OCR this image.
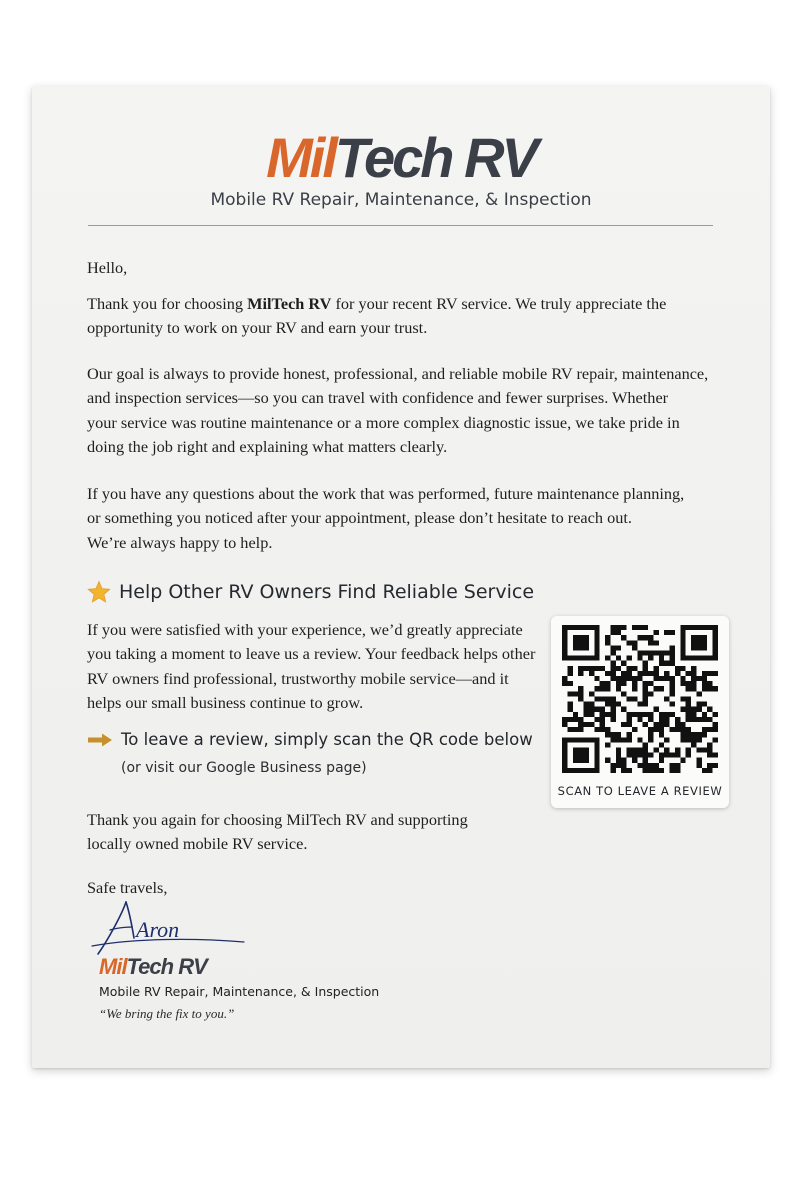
MilTech RV
Mobile RV Repair, Maintenance, & Inspection
Hello,
Thank you for choosing MilTech RV for your recent RV service. We truly appreciate the
opportunity to work on your RV and earn your trust.
Our goal is always to provide honest, professional, and reliable mobile RV repair, maintenance,
and inspection services—so you can travel with confidence and fewer surprises. Whether
your service was routine maintenance or a more complex diagnostic issue, we take pride in
doing the job right and explaining what matters clearly.
If you have any questions about the work that was performed, future maintenance planning,
or something you noticed after your appointment, please don’t hesitate to reach out.
We’re always happy to help.
Help Other RV Owners Find Reliable Service
If you were satisfied with your experience, we’d greatly appreciate
you taking a moment to leave us a review. Your feedback helps other
RV owners find professional, trustworthy mobile service—and it
helps our small business continue to grow.
To leave a review, simply scan the QR code below
(or visit our Google Business page)
SCAN TO LEAVE A REVIEW
Thank you again for choosing MilTech RV and supporting
locally owned mobile RV service.
Safe travels,
Aron
MilTech RV
Mobile RV Repair, Maintenance, & Inspection
“We bring the fix to you.”
